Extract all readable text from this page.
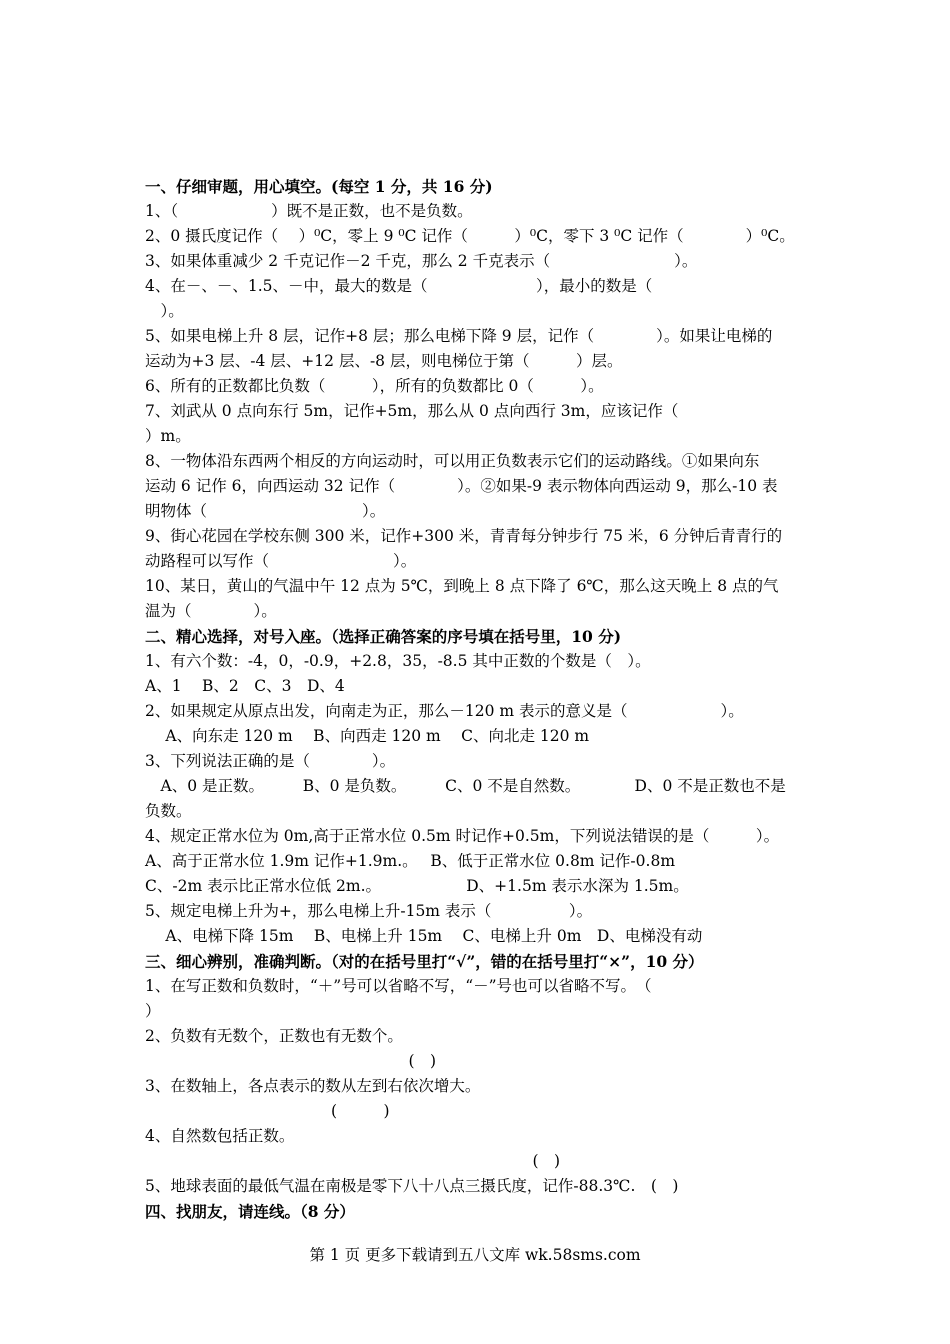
一、仔细审题，用心填空。(每空 1 分，共 16 分)
1、（　　　　　　）既不是正数，也不是负数。
2、0 摄氏度记作（　 ）⁰C，零上 9 ⁰C 记作（　　　）⁰C，零下 3 ⁰C 记作（　　　　）⁰C。
3、如果体重减少 2 千克记作－2 千克，那么 2 千克表示（　　　　　　　　）。
4、在－、－、1.5、－中，最大的数是（　　　　　　　），最小的数是（
　）。
5、如果电梯上升 8 层，记作+8 层；那么电梯下降 9 层，记作（　　　　）。如果让电梯的
运动为+3 层、-4 层、+12 层、-8 层，则电梯位于第（　　　）层。
6、所有的正数都比负数（　　　），所有的负数都比 0（　　　）。
7、刘武从 0 点向东行 5m，记作+5m，那么从 0 点向西行 3m，应该记作（
）m。
8、一物体沿东西两个相反的方向运动时，可以用正负数表示它们的运动路线。①如果向东
运动 6 记作 6，向西运动 32 记作（　　　　）。②如果-9 表示物体向西运动 9，那么-10 表
明物体（　　　　　　　　　　）。
9、街心花园在学校东侧 300 米，记作+300 米，青青每分钟步行 75 米，6 分钟后青青行的
动路程可以写作（　　　　　　　　）。
10、某日，黄山的气温中午 12 点为 5℃，到晚上 8 点下降了 6℃，那么这天晚上 8 点的气
温为（　　　　）。
二、精心选择，对号入座。（选择正确答案的序号填在括号里，10 分)
1、有六个数：-4，0，-0.9，+2.8，35，-8.5 其中正数的个数是（　）。
A、1　 B、2　C、3　D、4
2、如果规定从原点出发，向南走为正，那么－120 m 表示的意义是（　　　　　　）。
　 A、向东走 120 m　 B、向西走 120 m　 C、向北走 120 m
3、下列说法正确的是（　　　　）。
　A、0 是正数。　　　B、0 是负数。　　　C、0 不是自然数。　　　　D、0 不是正数也不是
负数。
4、规定正常水位为 0m,高于正常水位 0.5m 时记作+0.5m，下列说法错误的是（　　　）。
A、高于正常水位 1.9m 记作+1.9m.。　 B、低于正常水位 0.8m 记作-0.8m
C、-2m 表示比正常水位低 2m.。　　　　　　D、+1.5m 表示水深为 1.5m。
5、规定电梯上升为+，那么电梯上升-15m 表示（　　　　　）。
　 A、电梯下降 15m　 B、电梯上升 15m　 C、电梯上升 0m　D、电梯没有动
三、细心辨别，准确判断。（对的在括号里打“√”，错的在括号里打“×”，10 分）
1、在写正数和负数时，“＋”号可以省略不写，“－”号也可以省略不写。　（
）
2、负数有无数个，正数也有无数个。
　　　　　　　　　　　　　　　　　(　)
3、在数轴上，各点表示的数从左到右依次增大。
　　　　　　　　　　　　(　　　)
4、自然数包括正数。
　　　　　　　　　　　　　　　　　　　　　　　　　(　)
5、地球表面的最低气温在南极是零下八十八点三摄氏度，记作-88.3℃.　(　)
四、找朋友，请连线。（8 分）
第 1 页 更多下载请到五八文库 wk.58sms.com
